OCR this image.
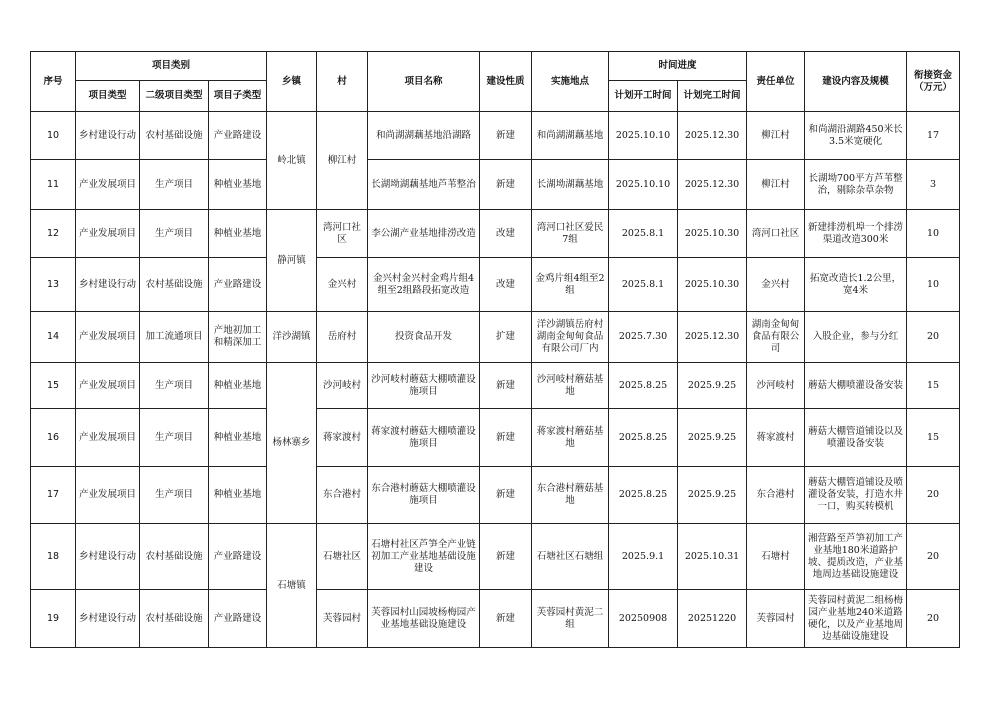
序号	项目类别			乡镇	村	项目名称	建设性质	实施地点	时间进度		责任单位	建设内容及规模	衔接资金（万元）
	项目类型	二级项目类型	项目子类型						计划开工时间	计划完工时间			
10	乡村建设行动	农村基础设施	产业路建设	岭北镇	柳江村	和尚湖湖藕基地沿湖路	新建	和尚湖湖藕基地	2025.10.10	2025.12.30	柳江村	和尚湖沿湖路450米长3.5米宽硬化	17
11	产业发展项目	生产项目	种植业基地			长湖坳湖藕基地芦苇整治	新建	长湖坳湖藕基地	2025.10.10	2025.12.30	柳江村	长湖坳700平方芦苇整治，剔除杂草杂物	3
12	产业发展项目	生产项目	种植业基地	静河镇	湾河口社区	李公湖产业基地排涝改造	改建	湾河口社区爱民7组	2025.8.1	2025.10.30	湾河口社区	新建排涝机埠一个排涝渠道改造300米	10
13	乡村建设行动	农村基础设施	产业路建设		金兴村	金兴村金兴村金鸡片组4组至2组路段拓宽改造	改建	金鸡片组4组至2组	2025.8.1	2025.10.30	金兴村	拓宽改造长1.2公里，宽4米	10
14	产业发展项目	加工流通项目	产地初加工和精深加工	洋沙湖镇	岳府村	投资食品开发	扩建	洋沙湖镇岳府村湖南金甸甸食品有限公司厂内	2025.7.30	2025.12.30	湖南金甸甸食品有限公司	入股企业，参与分红	20
15	产业发展项目	生产项目	种植业基地	杨林寨乡	沙河岐村	沙河岐村蘑菇大棚喷灌设施项目	新建	沙河岐村蘑菇基地	2025.8.25	2025.9.25	沙河岐村	蘑菇大棚喷灌设备安装	15
16	产业发展项目	生产项目	种植业基地		蒋家渡村	蒋家渡村蘑菇大棚喷灌设施项目	新建	蒋家渡村蘑菇基地	2025.8.25	2025.9.25	蒋家渡村	蘑菇大棚管道铺设以及喷灌设备安装	15
17	产业发展项目	生产项目	种植业基地		东合港村	东合港村蘑菇大棚喷灌设施项目	新建	东合港村蘑菇基地	2025.8.25	2025.9.25	东合港村	蘑菇大棚管道铺设及喷灌设备安装，打造水井一口，购买转模机	20
18	乡村建设行动	农村基础设施	产业路建设	石塘镇	石塘社区	石塘村社区芦笋全产业链初加工产业基地基础设施建设	新建	石塘社区石塘组	2025.9.1	2025.10.31	石塘村	湘营路至芦笋初加工产业基地180米道路护坡、提质改造，产业基地周边基础设施建设	20
19	乡村建设行动	农村基础设施	产业路建设		芙蓉园村	芙蓉园村山园坡杨梅园产业基地基础设施建设	新建	芙蓉园村黄泥二组	20250908	20251220	芙蓉园村	芙蓉园村黄泥二组杨梅园产业基地240米道路硬化，以及产业基地周边基础设施建设	20
